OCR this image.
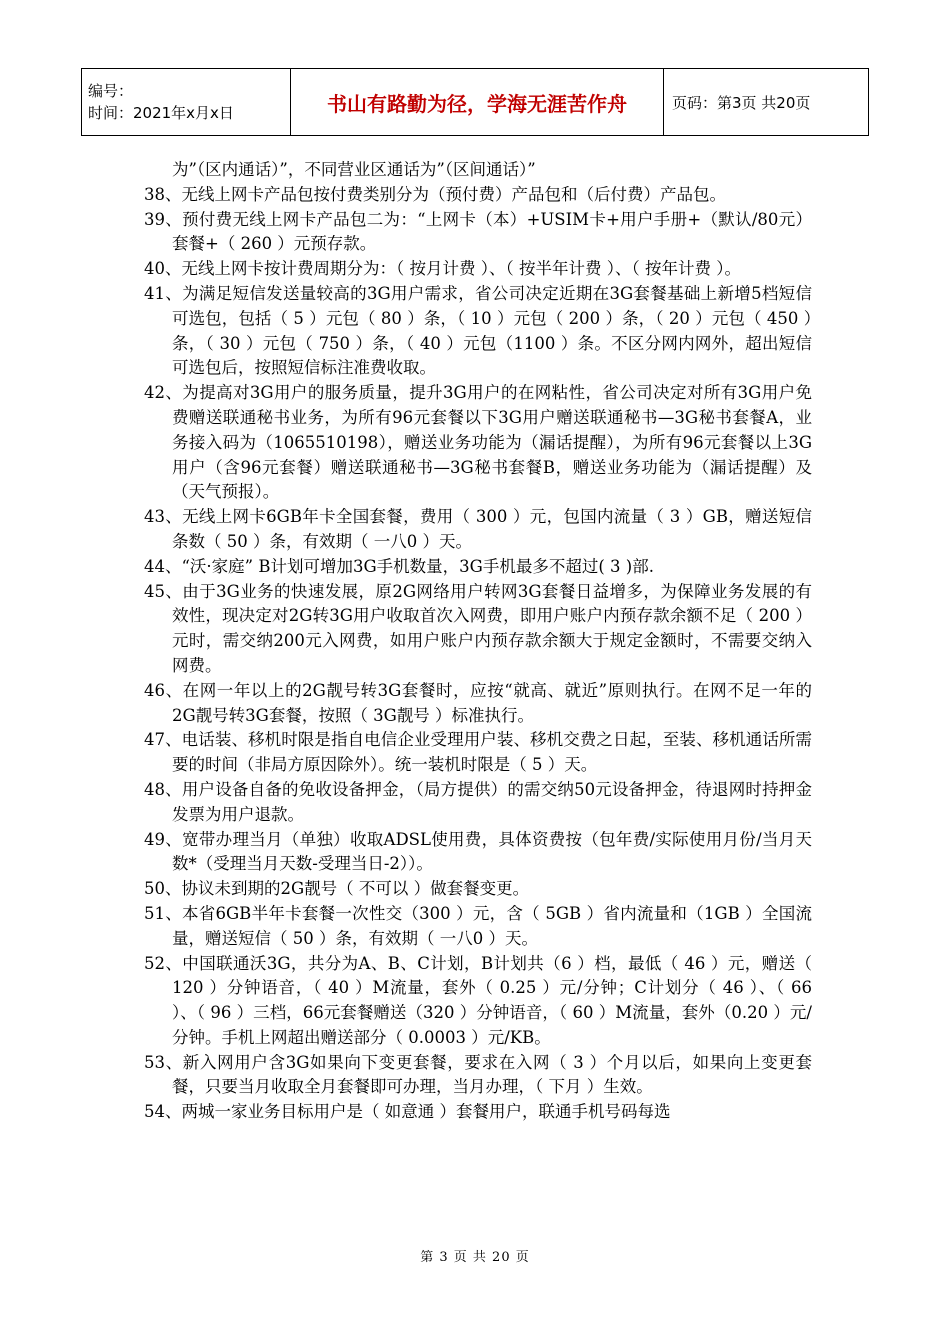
编号：
时间：2021年x月x日	书山有路勤为径，学海无涯苦作舟	页码：第3页 共20页
为”（区内通话）”，不同营业区通话为”（区间通话）”
38、无线上网卡产品包按付费类别分为（预付费）产品包和（后付费）产品包。
39、预付费无线上网卡产品包二为：“上网卡（本）+USIM卡+用户手册+（默认/80元）套餐+（ 260 ）元预存款。
40、无线上网卡按计费周期分为：（ 按月计费 ）、（ 按半年计费 ）、（ 按年计费 ）。
41、为满足短信发送量较高的3G用户需求，省公司决定近期在3G套餐基础上新增5档短信可选包，包括（ 5 ）元包（ 80 ）条，（ 10 ）元包（ 200 ）条，（ 20 ）元包（ 450 ）条，（ 30 ）元包（ 750 ）条，（ 40 ）元包（1100 ）条。不区分网内网外，超出短信可选包后，按照短信标注准费收取。
42、为提高对3G用户的服务质量，提升3G用户的在网粘性，省公司决定对所有3G用户免费赠送联通秘书业务，为所有96元套餐以下3G用户赠送联通秘书—3G秘书套餐A，业务接入码为（1065510198），赠送业务功能为（漏话提醒），为所有96元套餐以上3G用户（含96元套餐）赠送联通秘书—3G秘书套餐B，赠送业务功能为（漏话提醒）及（天气预报）。
43、无线上网卡6GB年卡全国套餐，费用（ 300 ）元，包国内流量（ 3 ）GB，赠送短信条数（ 50 ）条，有效期（ 一八0 ）天。
44、“沃·家庭” B计划可增加3G手机数量，3G手机最多不超过( 3 )部.
45、由于3G业务的快速发展，原2G网络用户转网3G套餐日益增多，为保障业务发展的有效性，现决定对2G转3G用户收取首次入网费，即用户账户内预存款余额不足（ 200 ）元时，需交纳200元入网费，如用户账户内预存款余额大于规定金额时，不需要交纳入网费。
46、在网一年以上的2G靓号转3G套餐时，应按“就高、就近”原则执行。在网不足一年的2G靓号转3G套餐，按照（ 3G靓号 ）标准执行。
47、电话装、移机时限是指自电信企业受理用户装、移机交费之日起，至装、移机通话所需要的时间（非局方原因除外）。统一装机时限是（ 5 ）天。
48、用户设备自备的免收设备押金，（局方提供）的需交纳50元设备押金，待退网时持押金发票为用户退款。
49、宽带办理当月（单独）收取ADSL使用费，具体资费按（包年费/实际使用月份/当月天数*（受理当月天数-受理当日-2））。
50、协议未到期的2G靓号（ 不可以 ）做套餐变更。
51、本省6GB半年卡套餐一次性交（300 ）元，含（ 5GB ）省内流量和（1GB ）全国流量，赠送短信（ 50 ）条，有效期（ 一八0 ）天。
52、中国联通沃3G，共分为A、B、C计划，B计划共（6 ）档，最低（ 46 ）元，赠送（ 120 ）分钟语音，（ 40 ）M流量，套外（ 0.25 ）元/分钟；C计划分（ 46 ）、（ 66 ）、（ 96 ）三档，66元套餐赠送（320 ）分钟语音，（ 60 ）M流量，套外（0.20 ）元/分钟。手机上网超出赠送部分（ 0.0003 ）元/KB。
53、新入网用户含3G如果向下变更套餐，要求在入网（ 3 ）个月以后，如果向上变更套餐，只要当月收取全月套餐即可办理，当月办理，（ 下月 ）生效。
54、两城一家业务目标用户是（ 如意通 ）套餐用户，联通手机号码每选
第 3 页 共 20 页
